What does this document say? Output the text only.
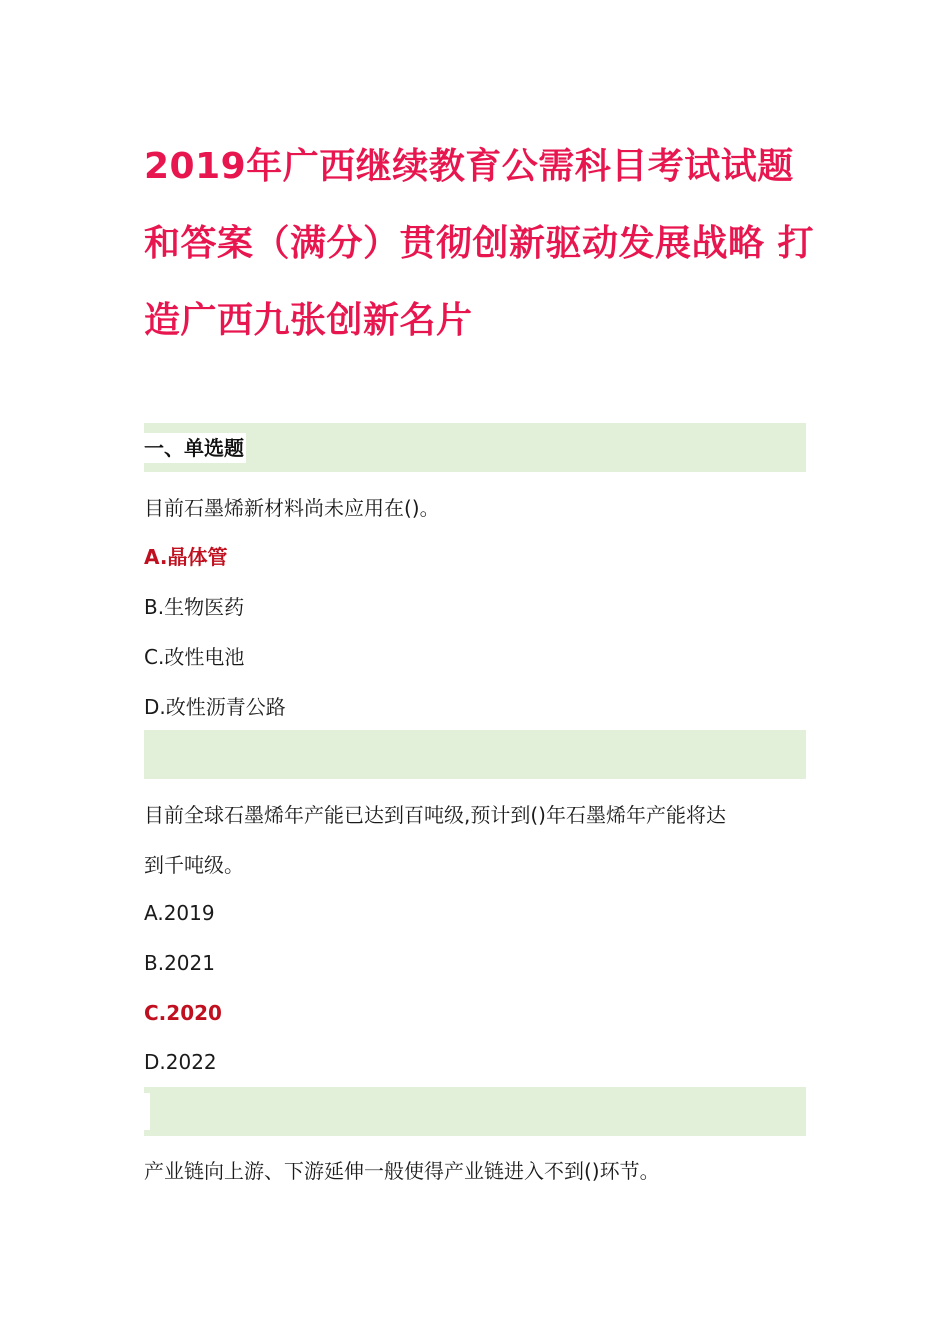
2019年广西继续教育公需科目考试试题
和答案（满分）贯彻创新驱动发展战略 打
造广西九张创新名片
一、单选题
目前石墨烯新材料尚未应用在()。
A.晶体管
B.生物医药
C.改性电池
D.改性沥青公路
目前全球石墨烯年产能已达到百吨级,预计到()年石墨烯年产能将达
到千吨级。
A.2019
B.2021
C.2020
D.2022
产业链向上游、下游延伸一般使得产业链进入不到()环节。
